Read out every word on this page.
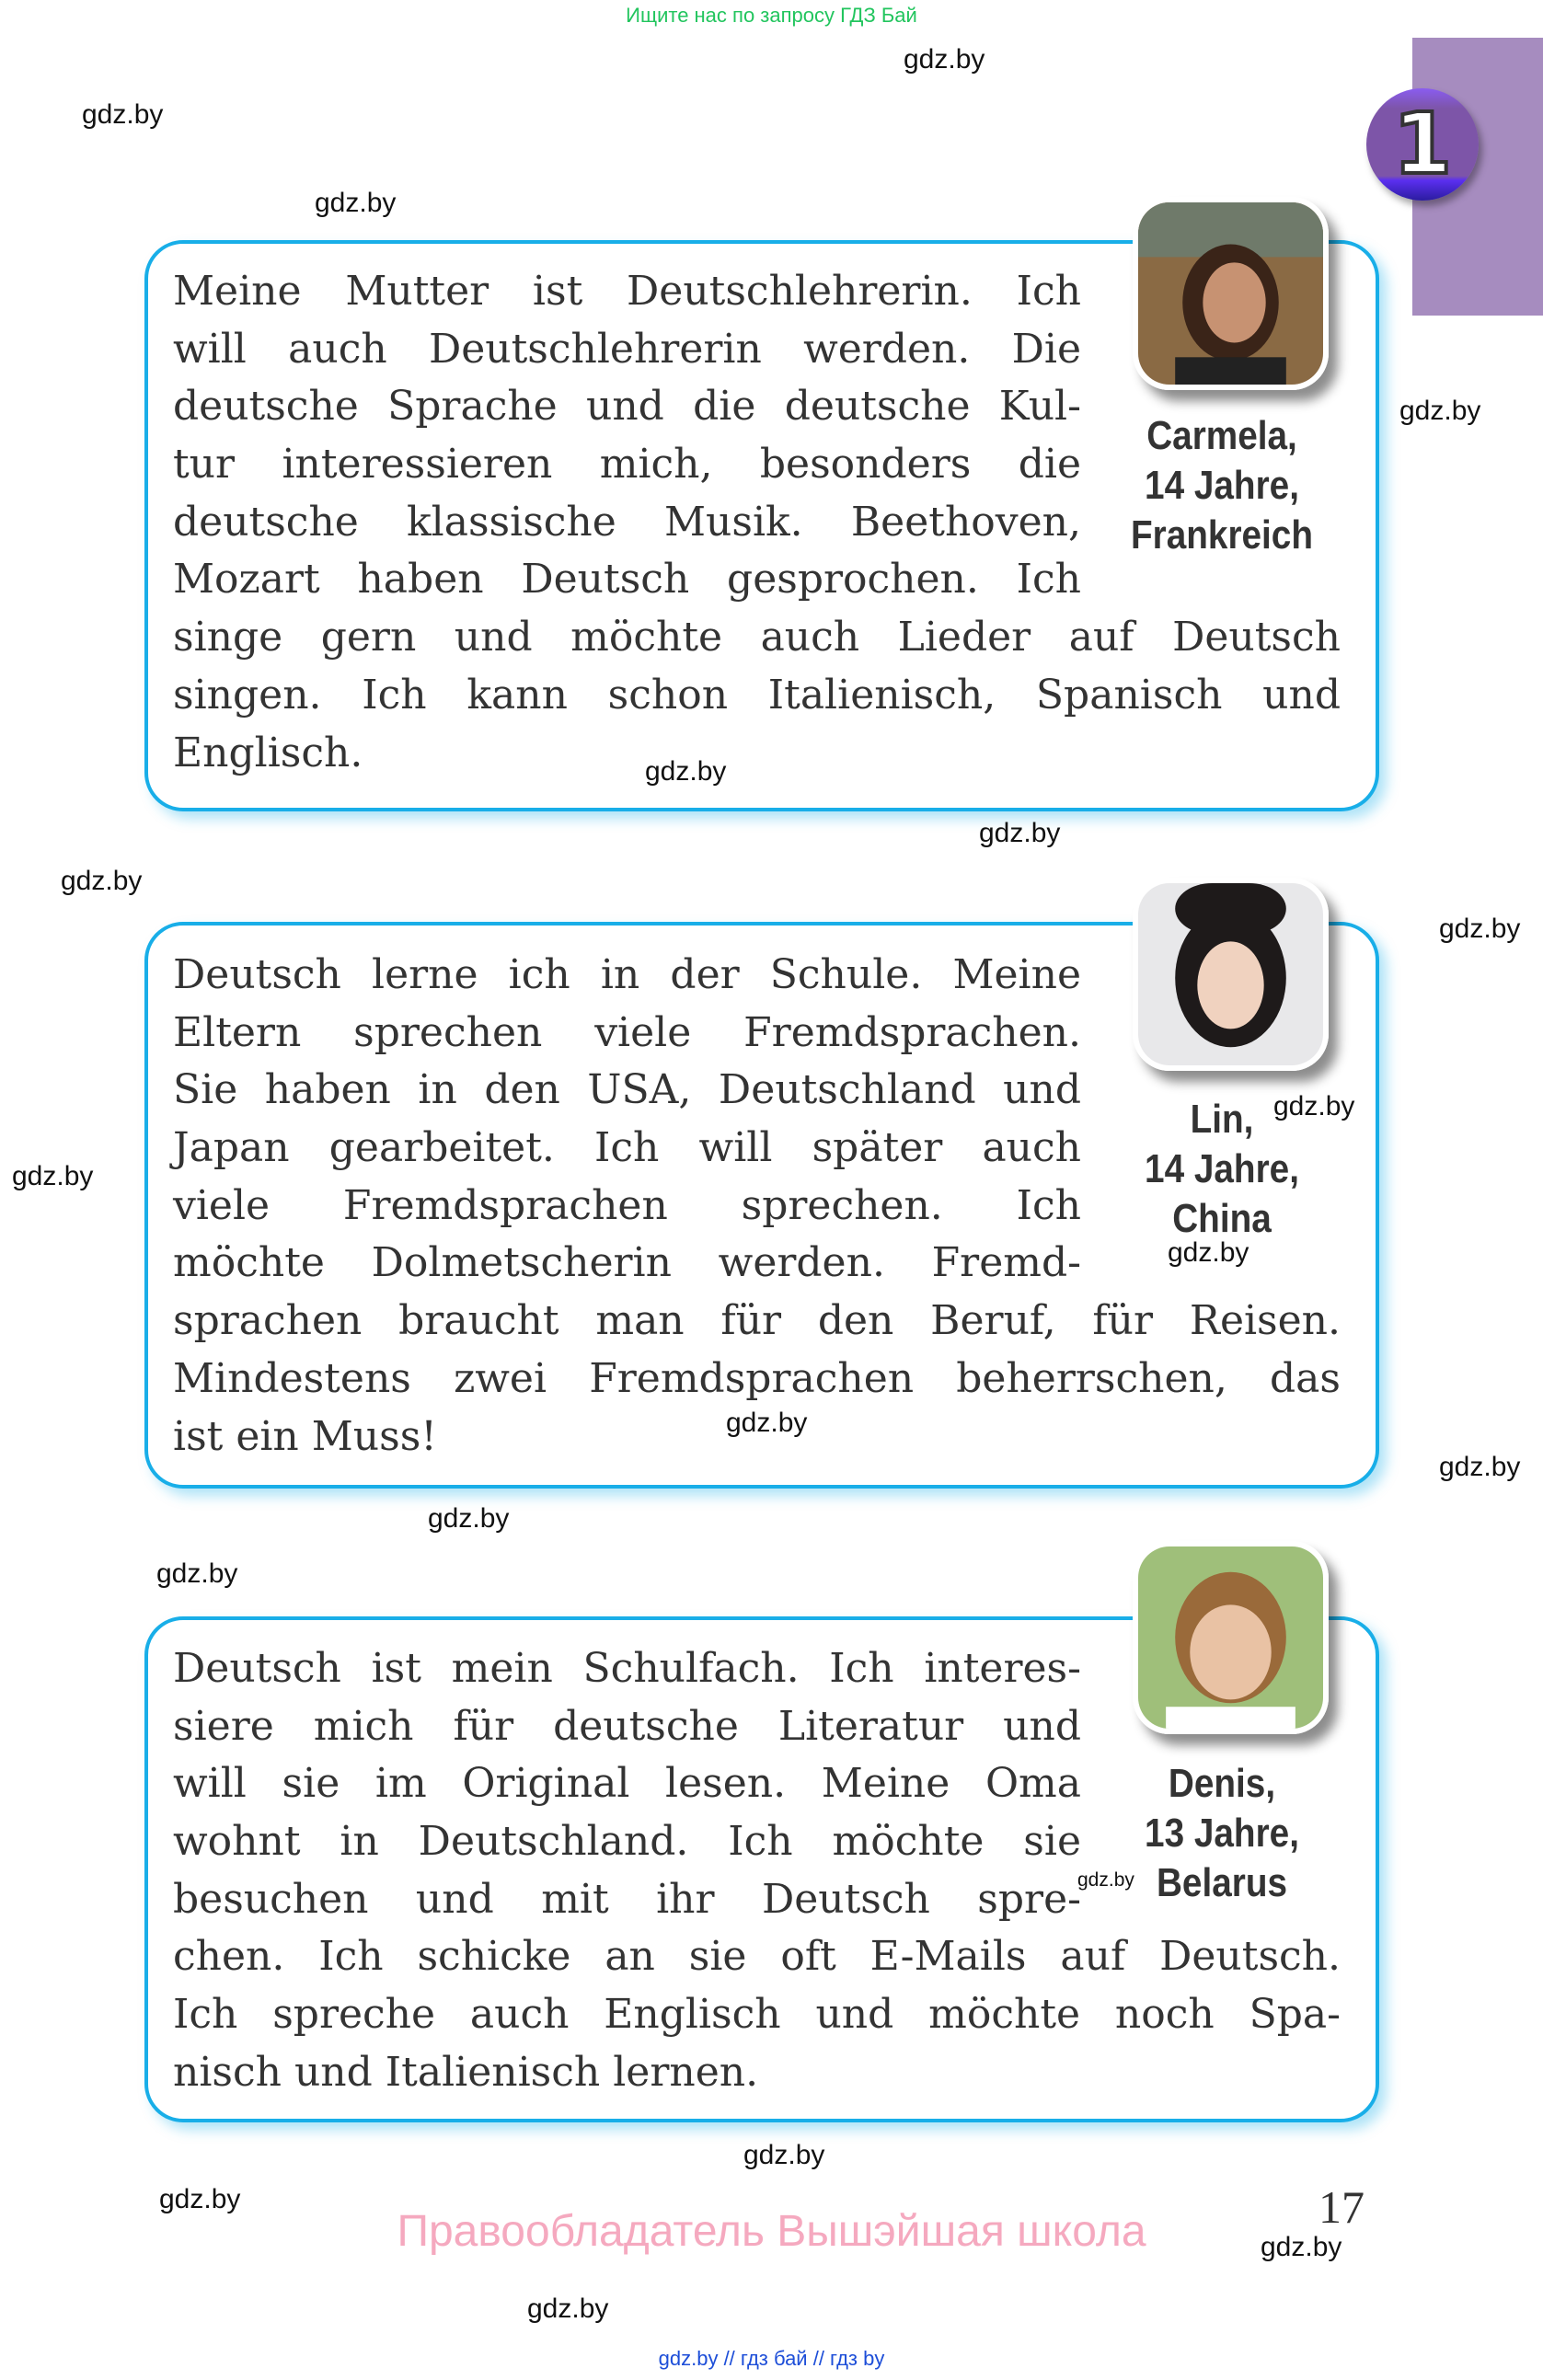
Ищите нас по запросу ГДЗ Бай
1
Carmela,
14 Jahre,
Frankreich
Meine Mutter ist Deutschlehrerin. Ich
will auch Deutschlehrerin werden. Die
deutsche Sprache und die deutsche Kul-
tur interessieren mich, besonders die
deutsche klassische Musik. Beethoven,
Mozart haben Deutsch gesprochen. Ich
singe gern und möchte auch Lieder auf Deutsch
singen. Ich kann schon Italienisch, Spanisch und
Englisch.
Lin,
14 Jahre,
China
Deutsch lerne ich in der Schule. Meine
Eltern sprechen viele Fremdsprachen.
Sie haben in den USA, Deutschland und
Japan gearbeitet. Ich will später auch
viele Fremdsprachen sprechen. Ich
möchte Dolmetscherin werden. Fremd-
sprachen braucht man für den Beruf, für Reisen.
Mindestens zwei Fremdsprachen beherrschen, das
ist ein Muss!
Denis,
13 Jahre,
Belarus
Deutsch ist mein Schulfach. Ich interes-
siere mich für deutsche Literatur und
will sie im Original lesen. Meine Oma
wohnt in Deutschland. Ich möchte sie
besuchen und mit ihr Deutsch spre-
chen. Ich schicke an sie oft E-Mails auf Deutsch.
Ich spreche auch Englisch und möchte noch Spa-
nisch und Italienisch lernen.
gdz.by
gdz.by
gdz.by
gdz.by
gdz.by
gdz.by
gdz.by
gdz.by
gdz.by
gdz.by
gdz.by
gdz.by
gdz.by
gdz.by
gdz.by
gdz.by
gdz.by
gdz.by
gdz.by
gdz.by
Правообладатель Вышэйшая школа	17
gdz.by // гдз бай // гдз by
